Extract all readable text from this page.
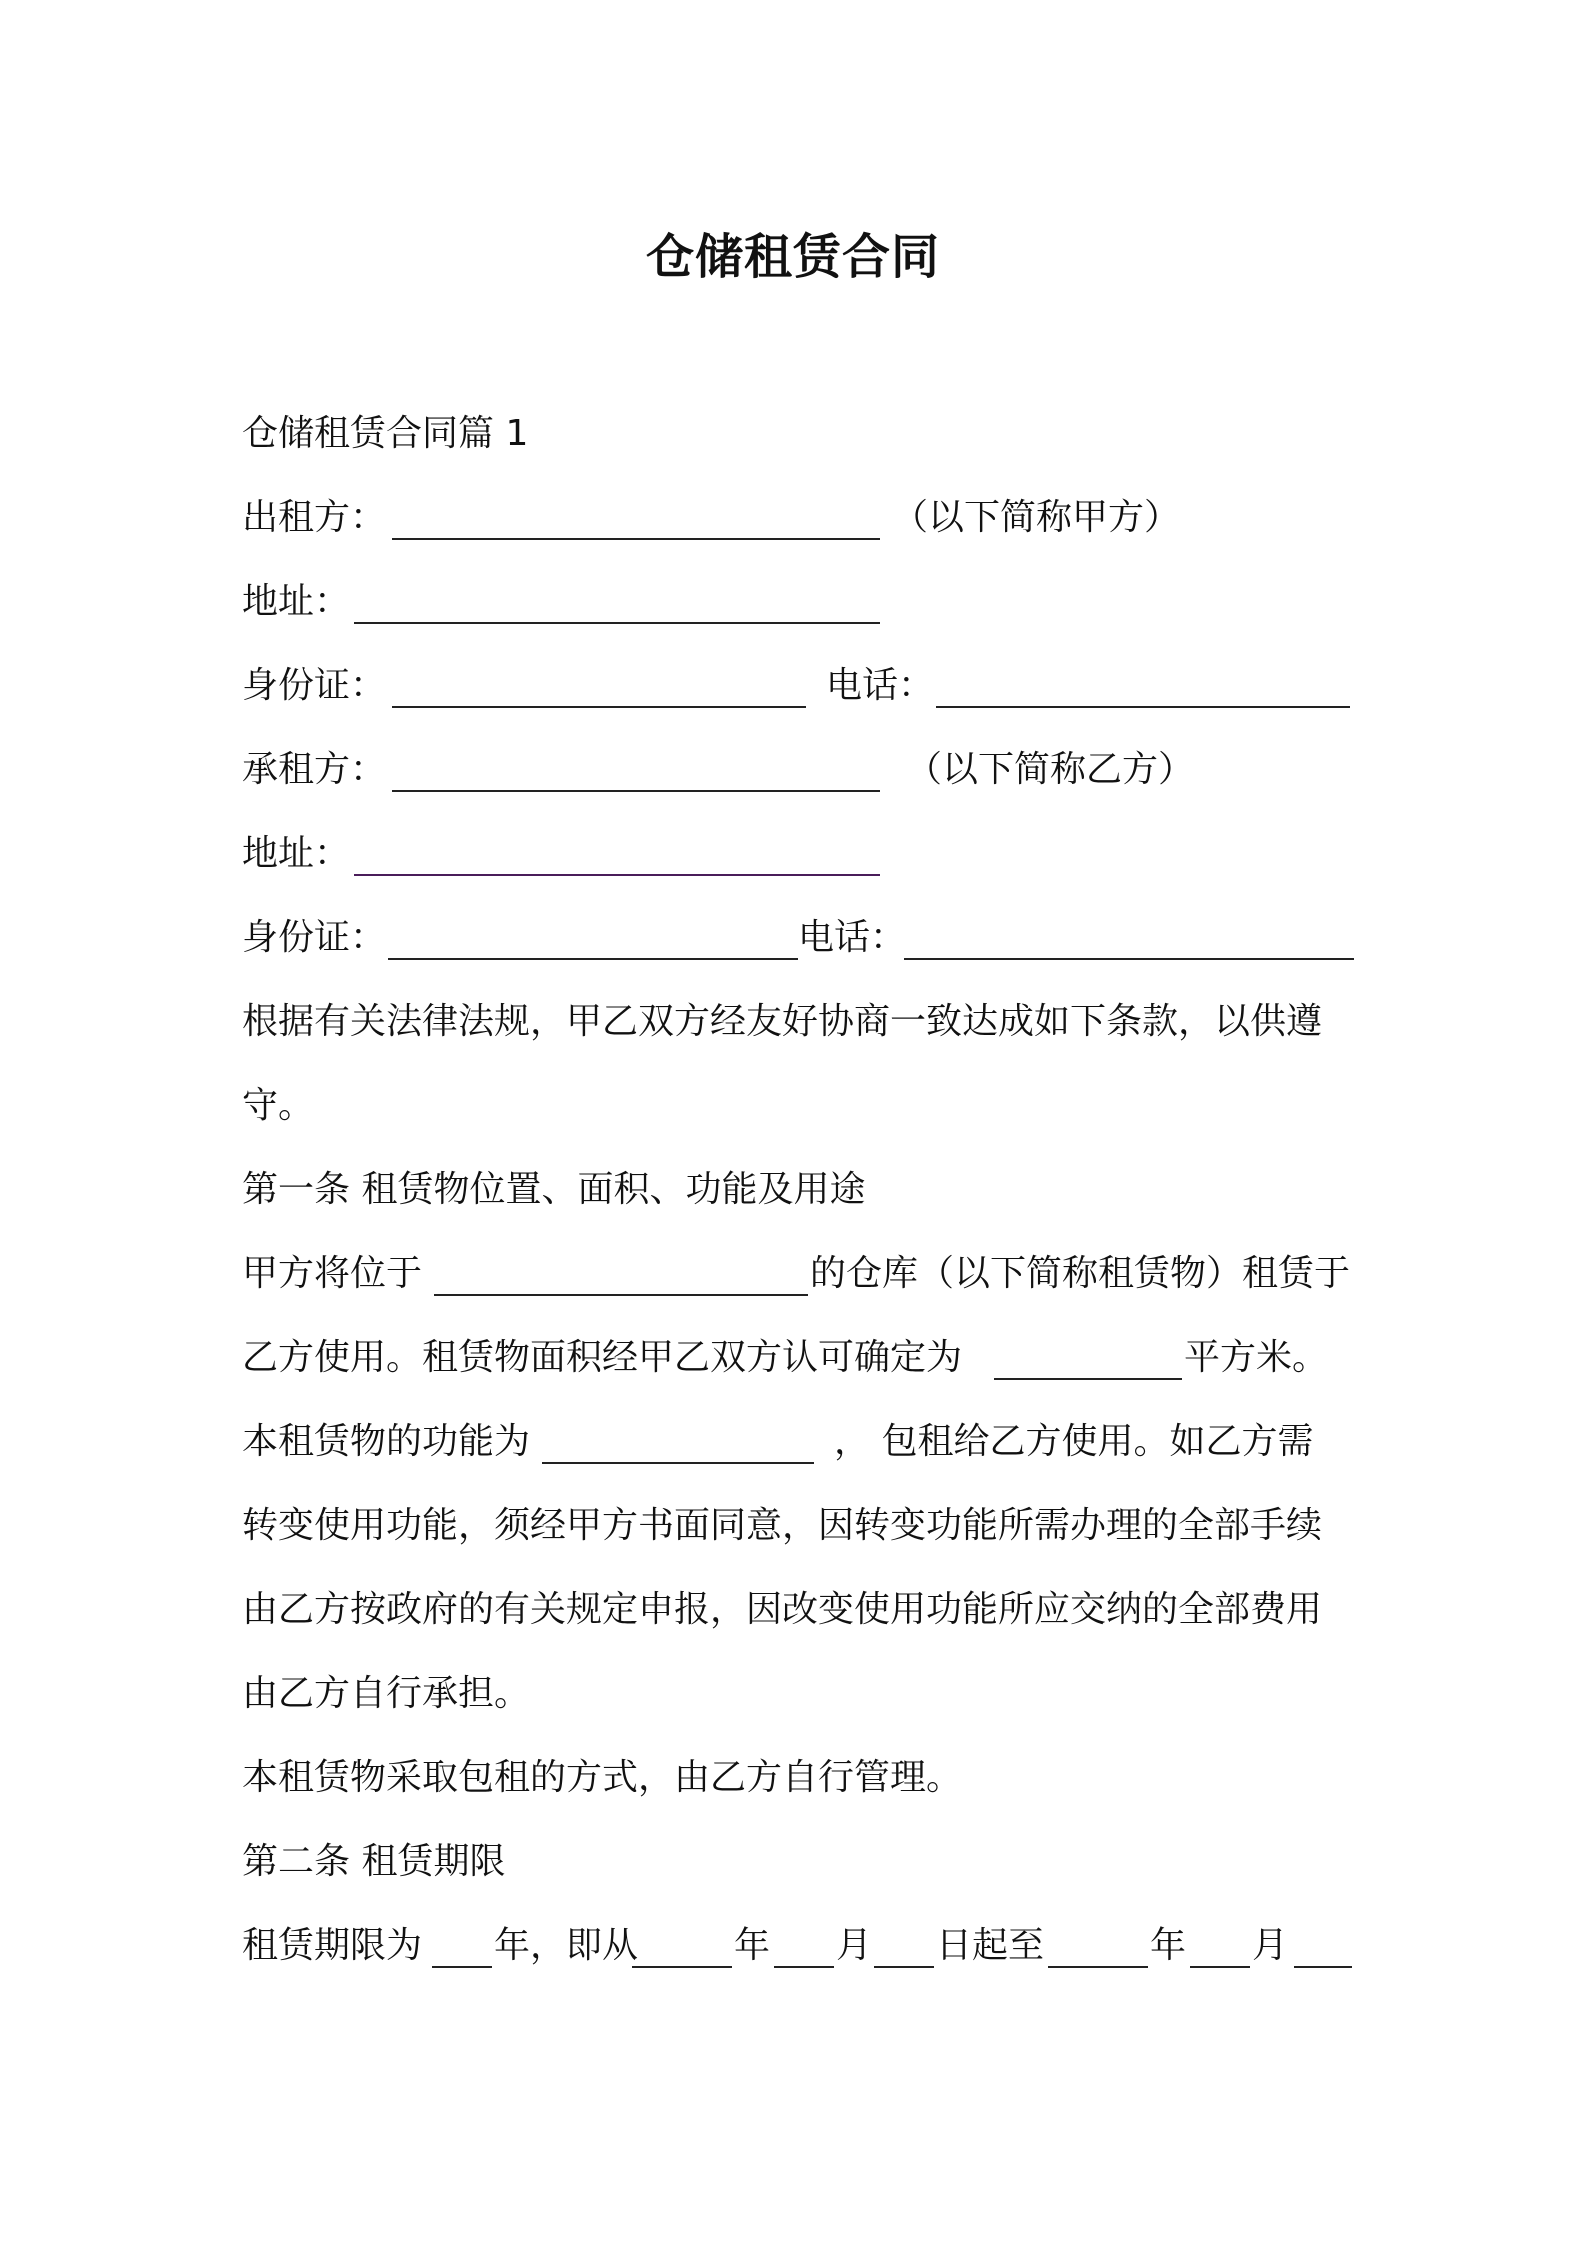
仓储租赁合同
仓储租赁合同篇 1
出租方：	（以下简称甲方）
地址：
身份证：	电话：
承租方：	（以下简称乙方）
地址：
身份证：	电话：
根据有关法律法规，甲乙双方经友好协商一致达成如下条款，以供遵
守。
第一条 租赁物位置、面积、功能及用途
甲方将位于	的仓库（以下简称租赁物）租赁于
乙方使用。租赁物面积经甲乙双方认可确定为	平方米。
本租赁物的功能为	， 包租给乙方使用。如乙方需
转变使用功能，须经甲方书面同意，因转变功能所需办理的全部手续
由乙方按政府的有关规定申报，因改变使用功能所应交纳的全部费用
由乙方自行承担。
本租赁物采取包租的方式，由乙方自行管理。
第二条 租赁期限
租赁期限为 年，即从	年 月 日起至	年 月
